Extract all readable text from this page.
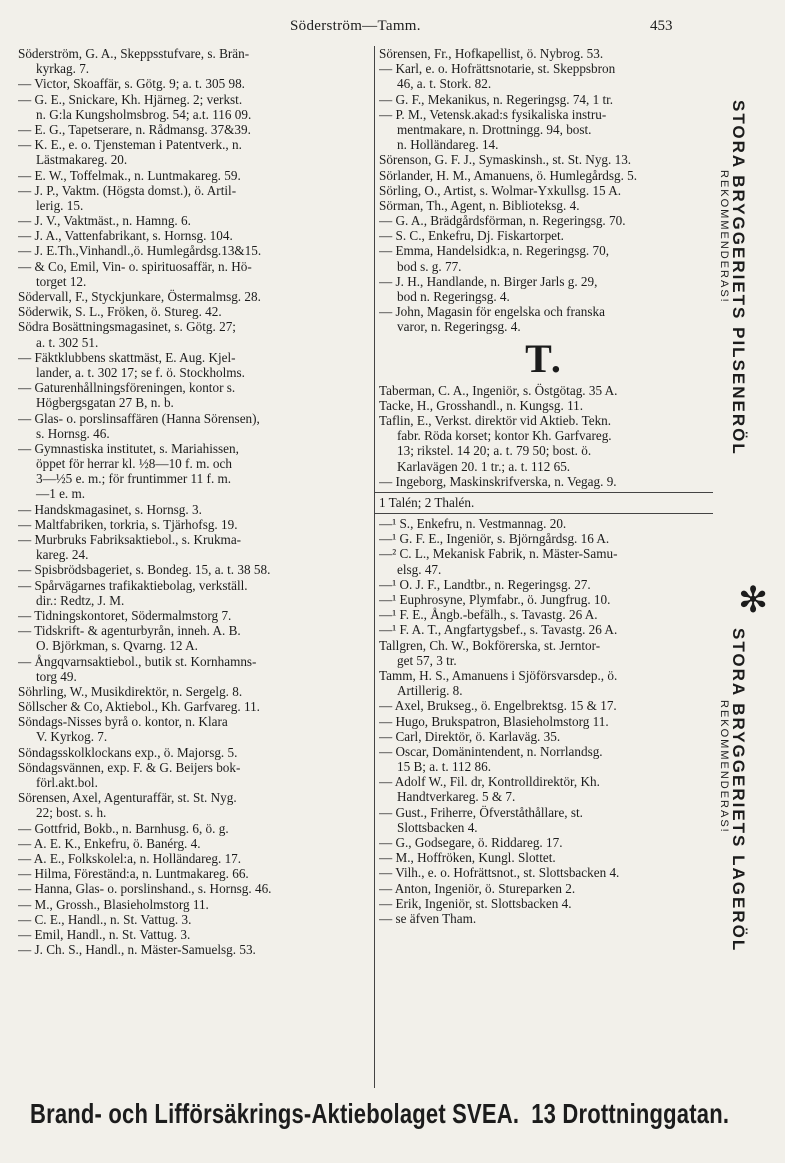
Söderström—Tamm.	453
Söderström, G. A., Skeppsstufvare, s. Brän-
kyrkag. 7.
— Victor, Skoaffär, s. Götg. 9; a. t. 305 98.
— G. E., Snickare, Kh. Hjärneg. 2; verkst.
n. G:la Kungsholmsbrog. 54; a.t. 116 09.
— E. G., Tapetserare, n. Rådmansg. 37&39.
— K. E., e. o. Tjensteman i Patentverk., n.
Lästmakareg. 20.
— E. W., Toffelmak., n. Luntmakareg. 59.
— J. P., Vaktm. (Högsta domst.), ö. Artil-
lerig. 15.
— J. V., Vaktmäst., n. Hamng. 6.
— J. A., Vattenfabrikant, s. Hornsg. 104.
— J. E.Th.,Vinhandl.,ö. Humlegårdsg.13&15.
— & Co, Emil, Vin- o. spirituosaffär, n. Hö-
torget 12.
Södervall, F., Styckjunkare, Östermalmsg. 28.
Söderwik, S. L., Fröken, ö. Stureg. 42.
Södra Bosättningsmagasinet, s. Götg. 27;
a. t. 302 51.
— Fäktklubbens skattmäst, E. Aug. Kjel-
lander, a. t. 302 17; se f. ö. Stockholms.
— Gaturenhållningsföreningen, kontor s.
Högbergsgatan 27 B, n. b.
— Glas- o. porslinsaffären (Hanna Sörensen),
s. Hornsg. 46.
— Gymnastiska institutet, s. Mariahissen,
öppet för herrar kl. ½8—10 f. m. och
3—½5 e. m.; för fruntimmer 11 f. m.
—1 e. m.
— Handskmagasinet, s. Hornsg. 3.
— Maltfabriken, torkria, s. Tjärhofsg. 19.
— Murbruks Fabriksaktiebol., s. Krukma-
kareg. 24.
— Spisbrödsbageriet, s. Bondeg. 15, a. t. 38 58.
— Spårvägarnes trafikaktiebolag, verkställ.
dir.: Redtz, J. M.
— Tidningskontoret, Södermalmstorg 7.
— Tidskrift- & agenturbyrån, inneh. A. B.
O. Björkman, s. Qvarng. 12 A.
— Ångqvarnsaktiebol., butik st. Kornhamns-
torg 49.
Söhrling, W., Musikdirektör, n. Sergelg. 8.
Söllscher & Co, Aktiebol., Kh. Garfvareg. 11.
Söndags-Nisses byrå o. kontor, n. Klara
V. Kyrkog. 7.
Söndagsskolklockans exp., ö. Majorsg. 5.
Söndagsvännen, exp. F. & G. Beijers bok-
förl.akt.bol.
Sörensen, Axel, Agenturaffär, st. St. Nyg.
22; bost. s. h.
— Gottfrid, Bokb., n. Barnhusg. 6, ö. g.
— A. E. K., Enkefru, ö. Banérg. 4.
— A. E., Folkskolel:a, n. Holländareg. 17.
— Hilma, Föreständ:a, n. Luntmakareg. 66.
— Hanna, Glas- o. porslinshand., s. Hornsg. 46.
— M., Grossh., Blasieholmstorg 11.
— C. E., Handl., n. St. Vattug. 3.
— Emil, Handl., n. St. Vattug. 3.
— J. Ch. S., Handl., n. Mäster-Samuelsg. 53.
Sörensen, Fr., Hofkapellist, ö. Nybrog. 53.
— Karl, e. o. Hofrättsnotarie, st. Skeppsbron
46, a. t. Stork. 82.
— G. F., Mekanikus, n. Regeringsg. 74, 1 tr.
— P. M., Vetensk.akad:s fysikaliska instru-
mentmakare, n. Drottningg. 94, bost.
n. Holländareg. 14.
Sörenson, G. F. J., Symaskinsh., st. St. Nyg. 13.
Sörlander, H. M., Amanuens, ö. Humlegårdsg. 5.
Sörling, O., Artist, s. Wolmar-Yxkullsg. 15 A.
Sörman, Th., Agent, n. Biblioteksg. 4.
— G. A., Brädgårdsförman, n. Regeringsg. 70.
— S. C., Enkefru, Dj. Fiskartorpet.
— Emma, Handelsidk:a, n. Regeringsg. 70,
bod s. g. 77.
— J. H., Handlande, n. Birger Jarls g. 29,
bod n. Regeringsg. 4.
— John, Magasin för engelska och franska
varor, n. Regeringsg. 4.
T.
Taberman, C. A., Ingeniör, s. Östgötag. 35 A.
Tacke, H., Grosshandl., n. Kungsg. 11.
Taflin, E., Verkst. direktör vid Aktieb. Tekn.
fabr. Röda korset; kontor Kh. Garfvareg.
13; rikstel. 14 20; a. t. 79 50; bost. ö.
Karlavägen 20. 1 tr.; a. t. 112 65.
— Ingeborg, Maskinskrifverska, n. Vegag. 9.
1 Talén; 2 Thalén.
—¹ S., Enkefru, n. Vestmannag. 20.
—¹ G. F. E., Ingeniör, s. Björngårdsg. 16 A.
—² C. L., Mekanisk Fabrik, n. Mäster-Samu-
elsg. 47.
—¹ O. J. F., Landtbr., n. Regeringsg. 27.
—¹ Euphrosyne, Plymfabr., ö. Jungfrug. 10.
—¹ F. E., Ångb.-befälh., s. Tavastg. 26 A.
—¹ F. A. T., Angfartygsbef., s. Tavastg. 26 A.
Tallgren, Ch. W., Bokförerska, st. Jerntor-
get 57, 3 tr.
Tamm, H. S., Amanuens i Sjöförsvarsdep., ö.
Artillerig. 8.
— Axel, Brukseg., ö. Engelbrektsg. 15 & 17.
— Hugo, Brukspatron, Blasieholmstorg 11.
— Carl, Direktör, ö. Karlaväg. 35.
— Oscar, Domänintendent, n. Norrlandsg.
15 B; a. t. 112 86.
— Adolf W., Fil. dr, Kontrolldirektör, Kh.
Handtverkareg. 5 & 7.
— Gust., Friherre, Öfverståthållare, st.
Slottsbacken 4.
— G., Godsegare, ö. Riddareg. 17.
— M., Hoffröken, Kungl. Slottet.
— Vilh., e. o. Hofrättsnot., st. Slottsbacken 4.
— Anton, Ingeniör, ö. Stureparken 2.
— Erik, Ingeniör, st. Slottsbacken 4.
— se äfven Tham.
STORA BRYGGERIETS PILSENERÖL
REKOMMENDERAS!
✻
STORA BRYGGERIETS LAGERÖL
REKOMMENDERAS!
Brand- och Lifförsäkrings-Aktiebolaget SVEA. 13 Drottninggatan.
